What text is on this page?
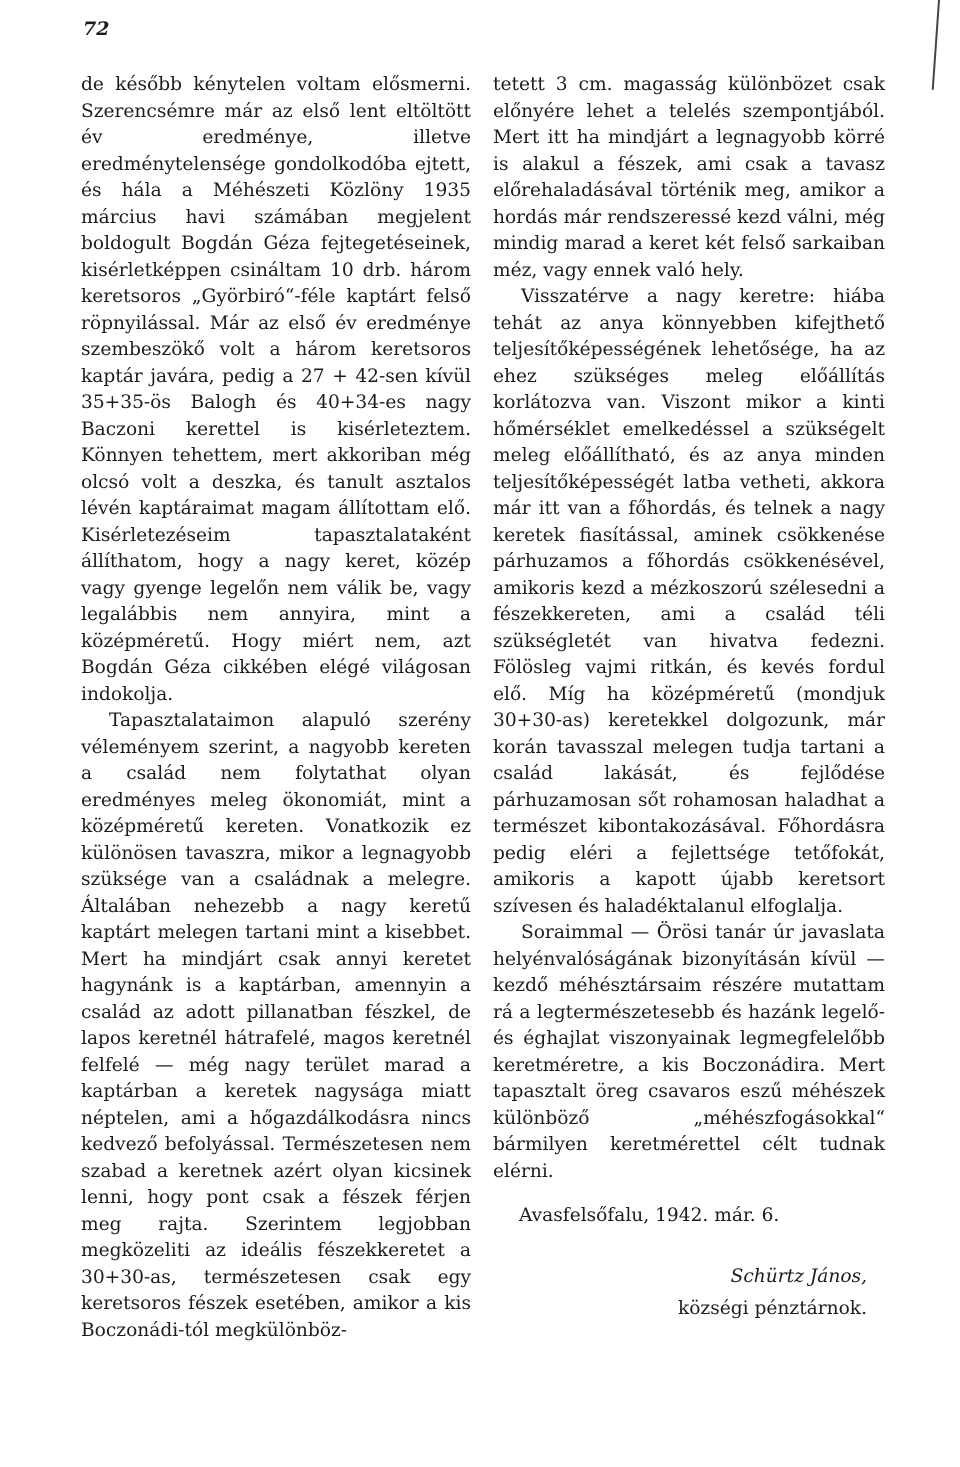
72

de később kénytelen voltam elősmerni. Szerencsémre már az első lent eltöltött év eredménye, illetve eredménytelensége gondolkodóba ejtett, és hála a Méhészeti Közlöny 1935 március havi számában megjelent boldogult Bogdán Géza fejtegetéseinek, kisérletképpen csináltam 10 drb. három keretsoros „Györbiró“-féle kaptárt felső röpnyilással. Már az első év eredménye szembeszökő volt a három keretsoros kaptár javára, pedig a 27 + 42-sen kívül 35+35-ös Balogh és 40+34-es nagy Baczoni kerettel is kisérleteztem. Könnyen tehettem, mert akkoriban még olcsó volt a deszka, és tanult asztalos lévén kaptáraimat magam állítottam elő. Kisérletezéseim tapasztalataként állíthatom, hogy a nagy keret, közép vagy gyenge legelőn nem válik be, vagy legalábbis nem annyira, mint a középméretű. Hogy miért nem, azt Bogdán Géza cikkében elégé világosan indokolja.

Tapasztalataimon alapuló szerény véleményem szerint, a nagyobb kereten a család nem folytathat olyan eredményes meleg ökonomiát, mint a középméretű kereten. Vonatkozik ez különösen tavaszra, mikor a legnagyobb szüksége van a családnak a melegre. Általában nehezebb a nagy keretű kaptárt melegen tartani mint a kisebbet. Mert ha mindjárt csak annyi keretet hagynánk is a kaptárban, amennyin a család az adott pillanatban fészkel, de lapos keretnél hátrafelé, magos keretnél felfelé — még nagy terület marad a kaptárban a keretek nagysága miatt néptelen, ami a hőgazdálkodásra nincs kedvező befolyással. Természetesen nem szabad a keretnek azért olyan kicsinek lenni, hogy pont csak a fészek férjen meg rajta. Szerintem legjobban megközeliti az ideális fészekkeretet a 30+30-as, természetesen csak egy keretsoros fészek esetében, amikor a kis Boczonádi-tól megkülönböz-

tetett 3 cm. magasság különbözet csak előnyére lehet a telelés szempontjából. Mert itt ha mindjárt a legnagyobb körré is alakul a fészek, ami csak a tavasz előrehaladásával történik meg, amikor a hordás már rendszeressé kezd válni, még mindig marad a keret két felső sarkaiban méz, vagy ennek való hely.

Visszatérve a nagy keretre: hiába tehát az anya könnyebben kifejthető teljesítőképességének lehetősége, ha az ehez szükséges meleg előállítás korlátozva van. Viszont mikor a kinti hőmérséklet emelkedéssel a szükségelt meleg előállítható, és az anya minden teljesítőképességét latba vetheti, akkora már itt van a főhordás, és telnek a nagy keretek fiasítással, aminek csökkenése párhuzamos a főhordás csökkenésével, amikoris kezd a mézkoszorú szélesedni a fészekkereten, ami a család téli szükségletét van hivatva fedezni. Fölösleg vajmi ritkán, és kevés fordul elő. Míg ha középméretű (mondjuk 30+30-as) keretekkel dolgozunk, már korán tavasszal melegen tudja tartani a család lakását, és fejlődése párhuzamosan sőt rohamosan haladhat a természet kibontakozásával. Főhordásra pedig eléri a fejlettsége tetőfokát, amikoris a kapott újabb keretsort szívesen és haladéktalanul elfoglalja.

Soraimmal — Örösi tanár úr javaslata helyénvalóságának bizonyításán kívül — kezdő méhésztársaim részére mutattam rá a legtermészetesebb és hazánk legelő- és éghajlat viszonyainak legmegfelelőbb keretméretre, a kis Boczonádira. Mert tapasztalt öreg csavaros eszű méhészek különböző „méhészfogásokkal“ bármilyen keretmérettel célt tudnak elérni.

Avasfelsőfalu, 1942. már. 6.

Schürtz János,
községi pénztárnok.
